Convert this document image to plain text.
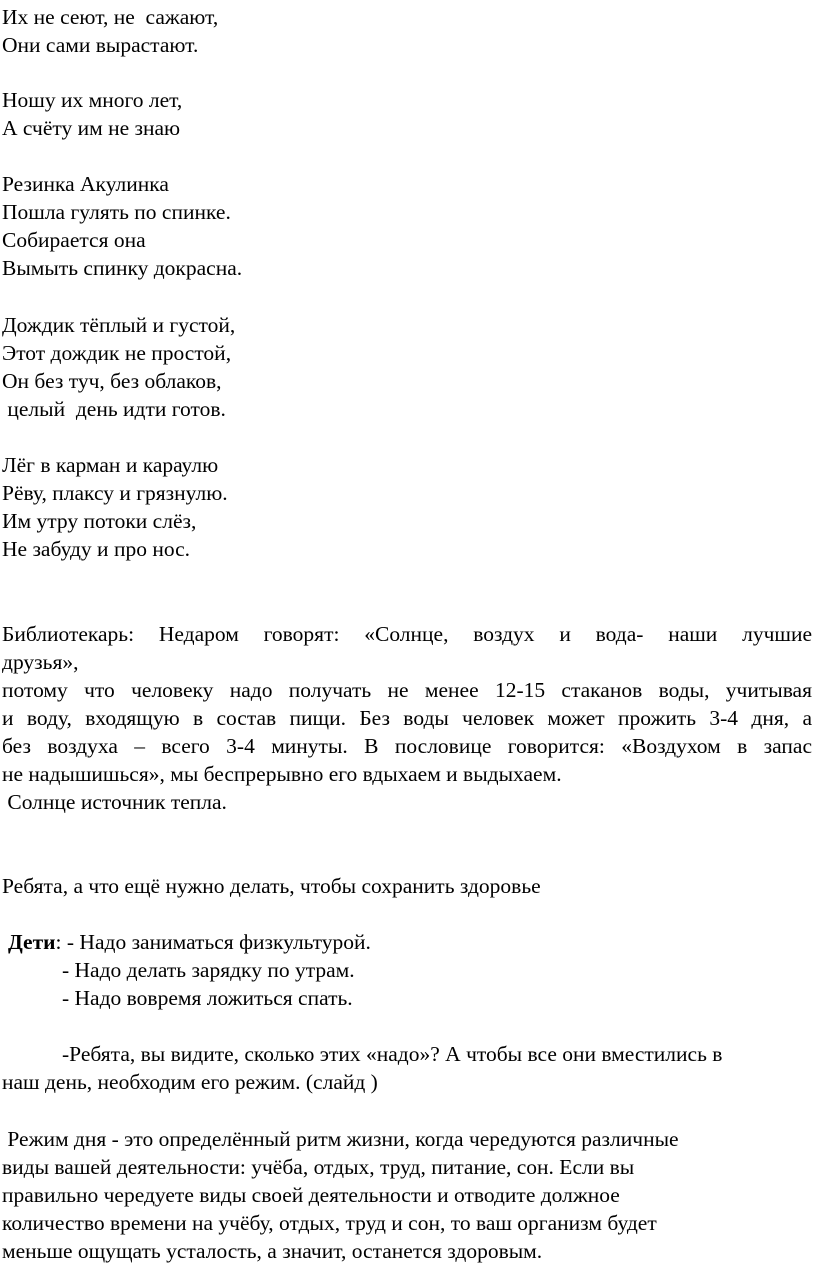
Их не сеют, не  сажают,
Они сами вырастают.
Ношу их много лет,
А счёту им не знаю
Резинка Акулинка
Пошла гулять по спинке.
Собирается она
Вымыть спинку докрасна.
Дождик тёплый и густой,
Этот дождик не простой,
Он без туч, без облаков,
целый  день идти готов.
Лёг в карман и караулю
Рёву, плаксу и грязнулю.
Им утру потоки слёз,
Не забуду и про нос.
Библиотекарь: Недаром говорят: «Солнце, воздух и вода- наши лучшие
друзья»,
потому что человеку надо получать не менее 12-15 стаканов воды, учитывая
и воду, входящую в состав пищи. Без воды человек может прожить 3-4 дня, а
без воздуха – всего 3-4 минуты. В пословице говорится: «Воздухом в запас
не надышишься», мы беспрерывно его вдыхаем и выдыхаем.
Солнце источник тепла.
Ребята, а что ещё нужно делать, чтобы сохранить здоровье
Дети: - Надо заниматься физкультурой.
- Надо делать зарядку по утрам.
- Надо вовремя ложиться спать.
-Ребята, вы видите, сколько этих «надо»? А чтобы все они вместились в
наш день, необходим его режим. (слайд )
Режим дня - это определённый ритм жизни, когда чередуются различные
виды вашей деятельности: учёба, отдых, труд, питание, сон. Если вы
правильно чередуете виды своей деятельности и отводите должное
количество времени на учёбу, отдых, труд и сон, то ваш организм будет
меньше ощущать усталость, а значит, останется здоровым.
